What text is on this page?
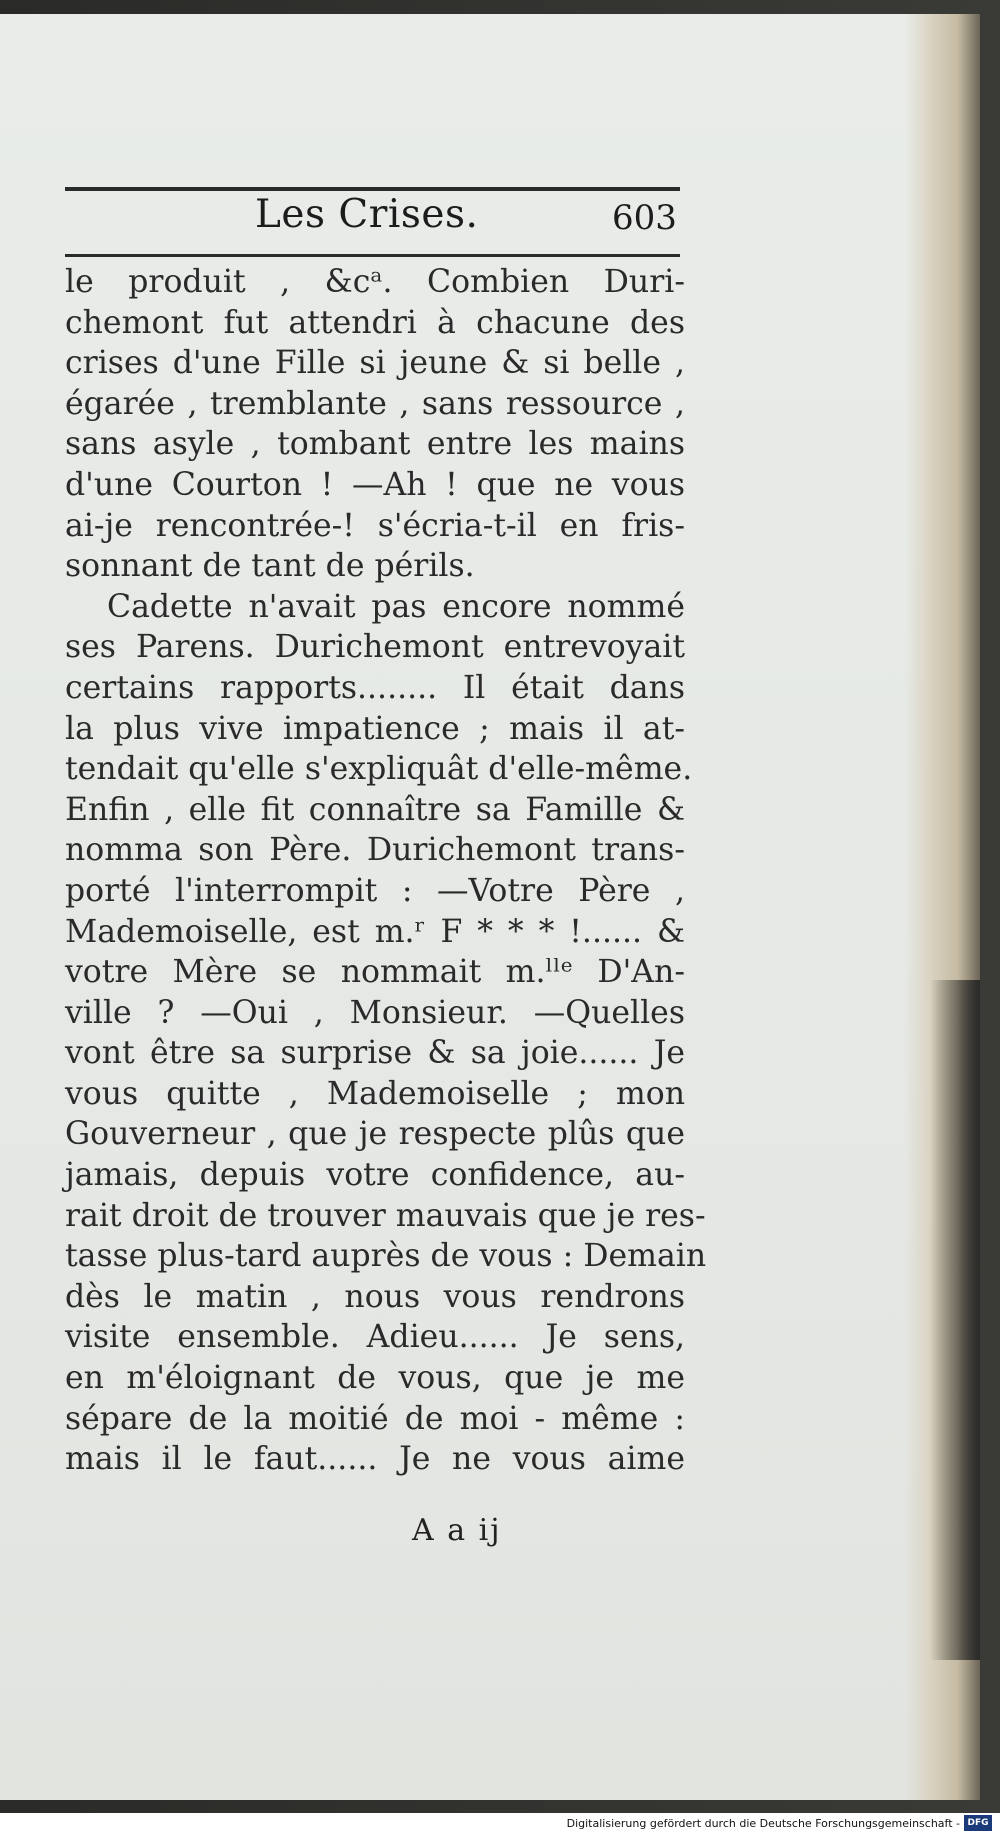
Les Crises.	603
le produit , &cᵃ. Combien Duri-
chemont fut attendri à chacune des
crises d'une Fille si jeune & si belle ,
égarée , tremblante , sans ressource ,
sans asyle , tombant entre les mains
d'une Courton ! —Ah ! que ne vous
ai-je rencontrée-! s'écria-t-il en fris-
sonnant de tant de périls.
Cadette n'avait pas encore nommé
ses Parens. Durichemont entrevoyait
certains rapports........ Il était dans
la plus vive impatience ; mais il at-
tendait qu'elle s'expliquât d'elle-même.
Enfin , elle fit connaître sa Famille &
nomma son Père. Durichemont trans-
porté l'interrompit : —Votre Père ,
Mademoiselle, est m.ʳ F * * * !...... &
votre Mère se nommait m.ˡˡᵉ D'An-
ville ? —Oui , Monsieur. —Quelles
vont être sa surprise & sa joie...... Je
vous quitte , Mademoiselle ; mon
Gouverneur , que je respecte plûs que
jamais, depuis votre confidence, au-
rait droit de trouver mauvais que je res-
tasse plus-tard auprès de vous : Demain
dès le matin , nous vous rendrons
visite ensemble. Adieu...... Je sens,
en m'éloignant de vous, que je me
sépare de la moitié de moi - même :
mais il le faut...... Je ne vous aime
A a ij
Digitalisierung gefördert durch die Deutsche Forschungsgemeinschaft - DFG
